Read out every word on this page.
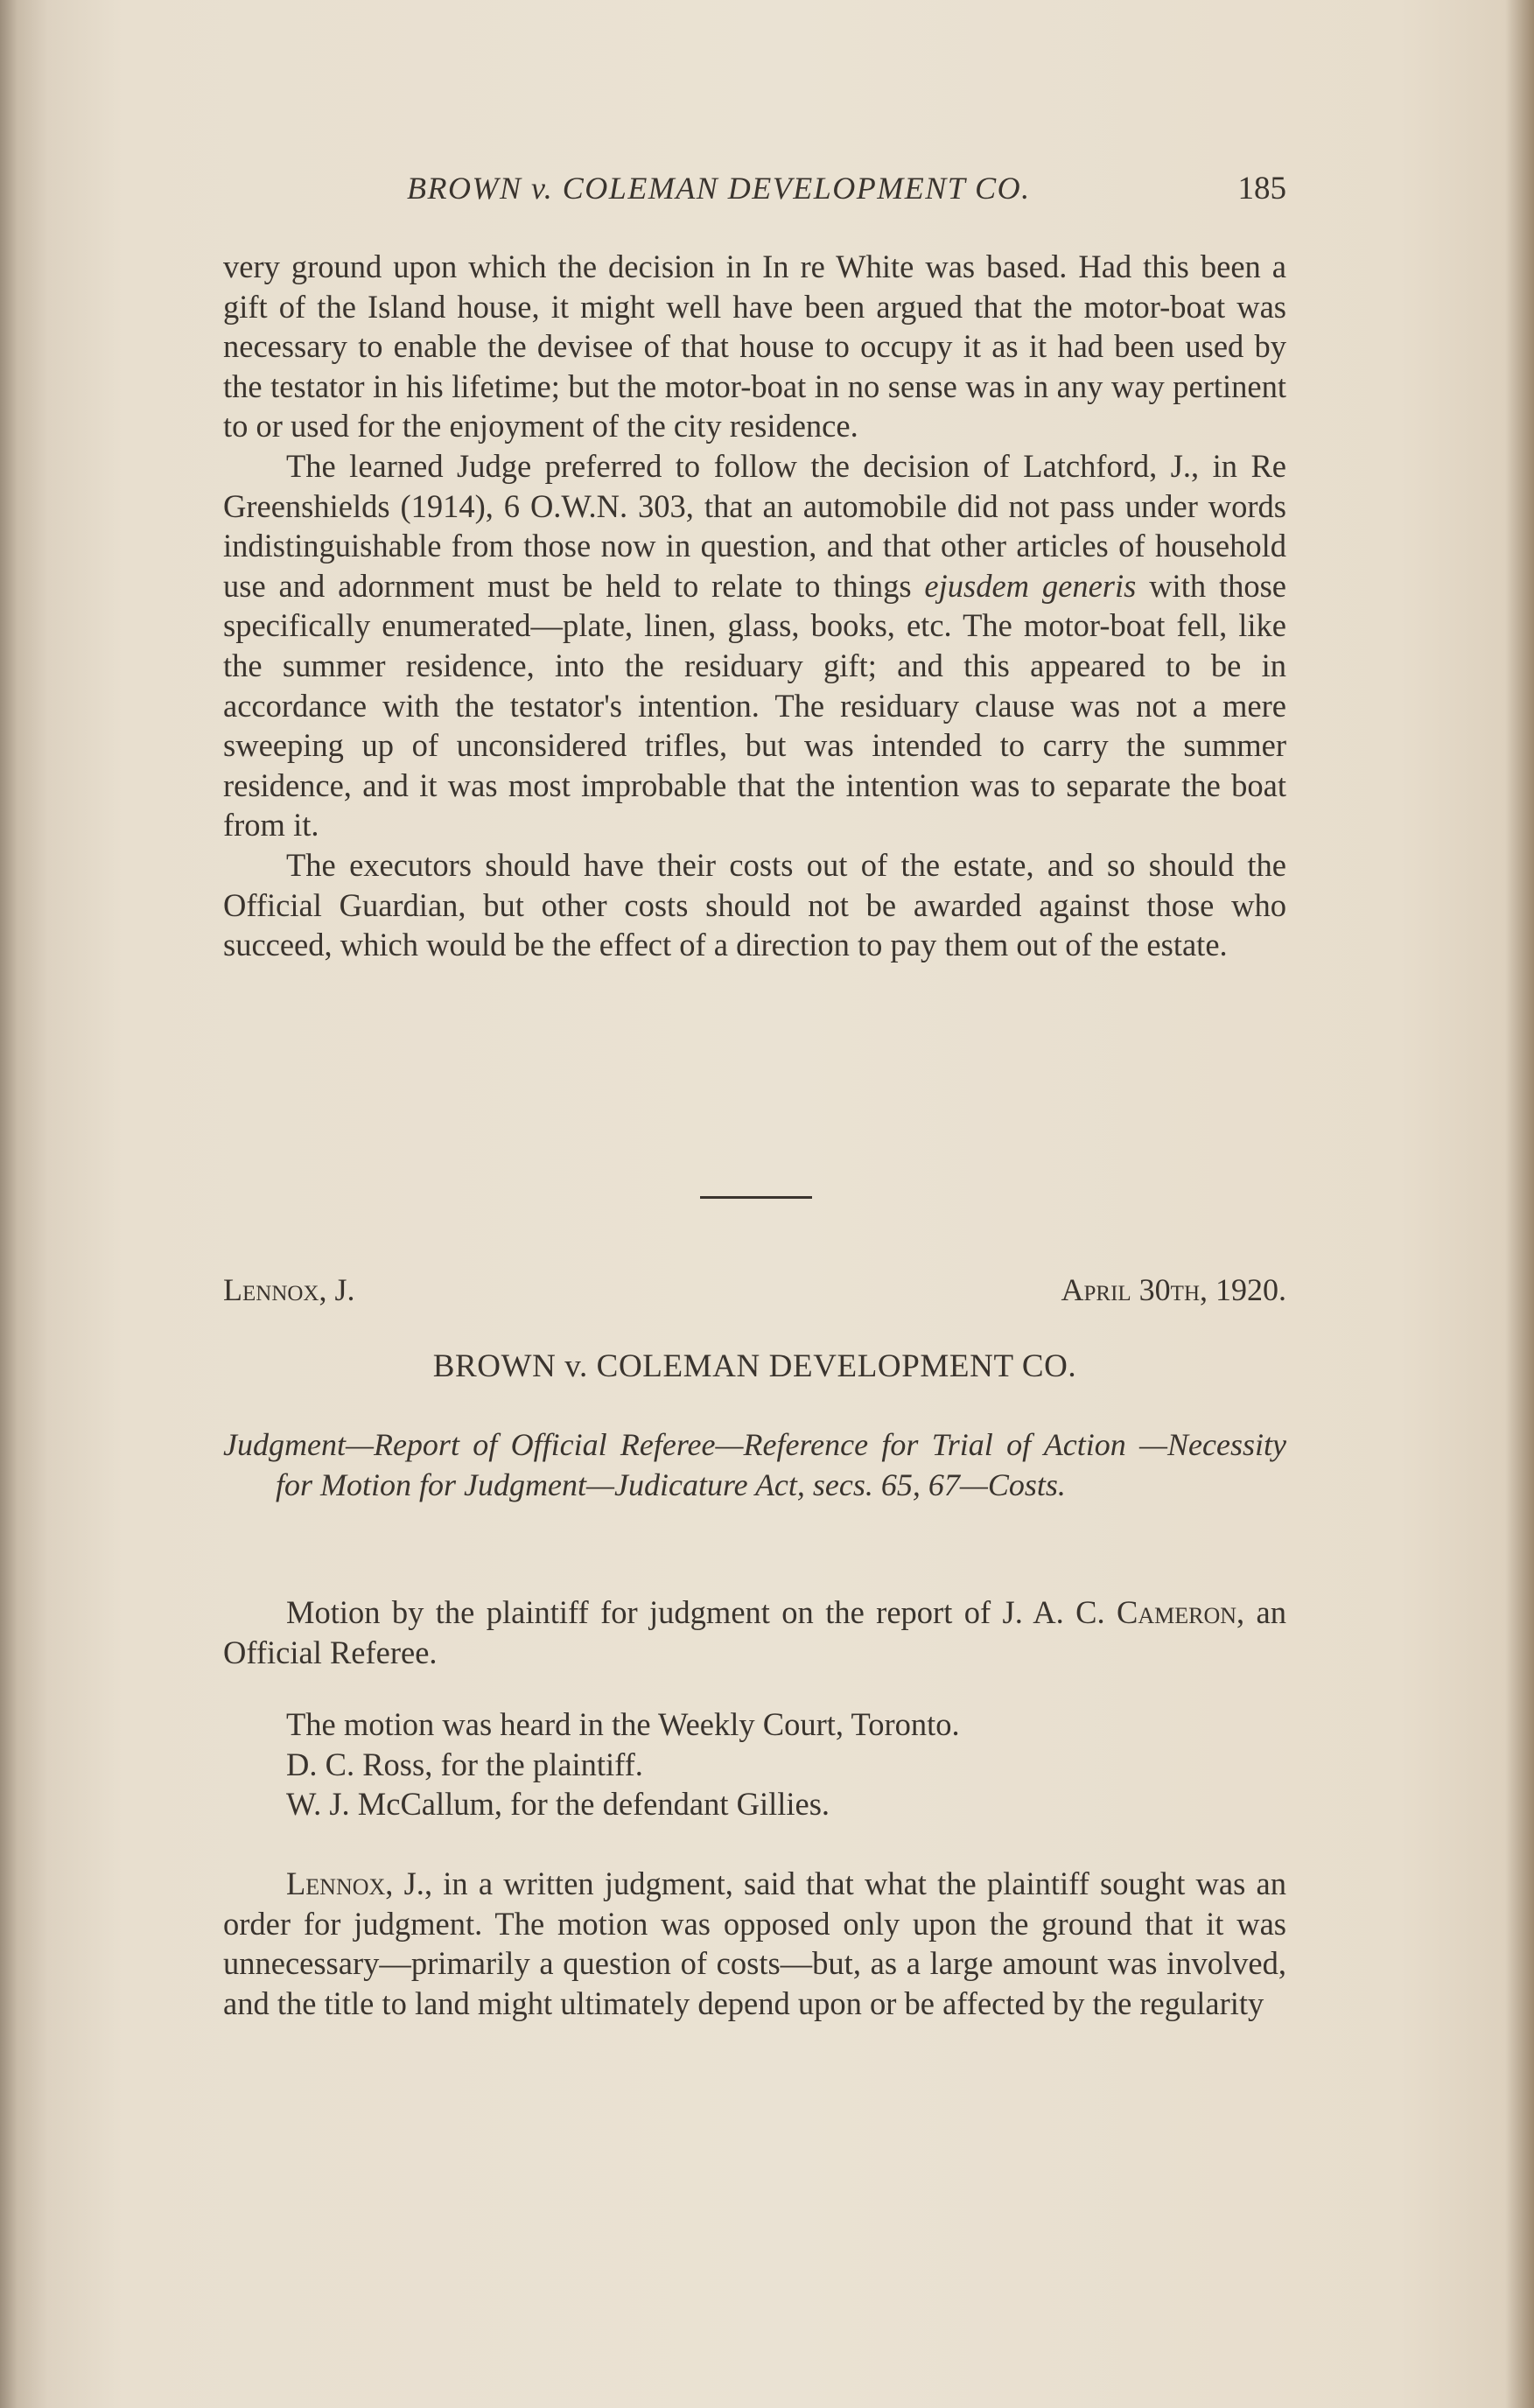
BROWN v. COLEMAN DEVELOPMENT CO.	185

very ground upon which the decision in In re White was based. Had this been a gift of the Island house, it might well have been argued that the motor-boat was necessary to enable the devisee of that house to occupy it as it had been used by the testator in his lifetime; but the motor-boat in no sense was in any way pertinent to or used for the enjoyment of the city residence.

The learned Judge preferred to follow the decision of Latchford, J., in Re Greenshields (1914), 6 O.W.N. 303, that an automobile did not pass under words indistinguishable from those now in question, and that other articles of household use and adornment must be held to relate to things ejusdem generis with those specifically enumerated—plate, linen, glass, books, etc. The motor-boat fell, like the summer residence, into the residuary gift; and this appeared to be in accordance with the testator's intention. The residuary clause was not a mere sweeping up of unconsidered trifles, but was intended to carry the summer residence, and it was most improbable that the intention was to separate the boat from it.

The executors should have their costs out of the estate, and so should the Official Guardian, but other costs should not be awarded against those who succeed, which would be the effect of a direction to pay them out of the estate.

Lennox, J.	April 30th, 1920.
BROWN v. COLEMAN DEVELOPMENT CO.

Judgment—Report of Official Referee—Reference for Trial of Action —Necessity for Motion for Judgment—Judicature Act, secs. 65, 67—Costs.

Motion by the plaintiff for judgment on the report of J. A. C. Cameron, an Official Referee.

The motion was heard in the Weekly Court, Toronto.

D. C. Ross, for the plaintiff.

W. J. McCallum, for the defendant Gillies.

Lennox, J., in a written judgment, said that what the plaintiff sought was an order for judgment. The motion was opposed only upon the ground that it was unnecessary—primarily a question of costs—but, as a large amount was involved, and the title to land might ultimately depend upon or be affected by the regularity
